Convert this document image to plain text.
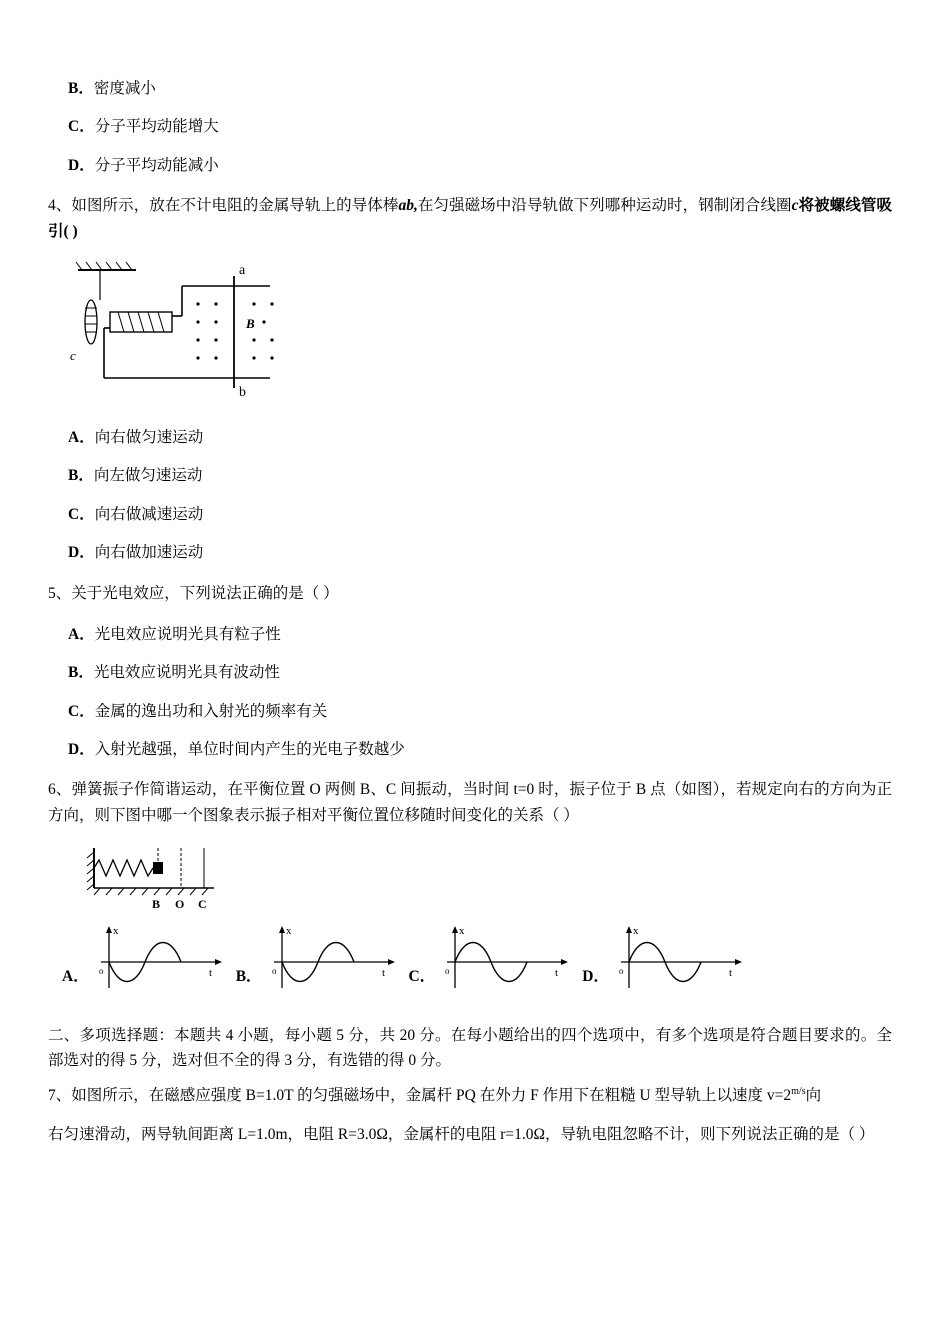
B．密度减小
C．分子平均动能增大
D．分子平均动能减小
4、如图所示，放在不计电阻的金属导轨上的导体棒ab,在匀强磁场中沿导轨做下列哪种运动时，钢制闭合线圈c将被螺线管吸引( )
c
a
b
B
A．向右做匀速运动
B．向左做匀速运动
C．向右做减速运动
D．向右做加速运动
5、关于光电效应，下列说法正确的是（ ）
A．光电效应说明光具有粒子性
B．光电效应说明光具有波动性
C．金属的逸出功和入射光的频率有关
D．入射光越强，单位时间内产生的光电子数越少
6、弹簧振子作简谐运动，在平衡位置 O 两侧 B、C 间振动，当时间 t=0 时，振子位于 B 点（如图），若规定向右的方向为正方向，则下图中哪一个图象表示振子相对平衡位置位移随时间变化的关系（ ）
B O C
A．
x
t
o	B．
x
t
o	C．
x
t
o	D．
x
t
o
二、多项选择题：本题共 4 小题，每小题 5 分，共 20 分。在每小题给出的四个选项中，有多个选项是符合题目要求的。全部选对的得 5 分，选对但不全的得 3 分，有选错的得 0 分。
7、如图所示，在磁感应强度 B=1.0T 的匀强磁场中，金属杆 PQ 在外力 F 作用下在粗糙 U 型导轨上以速度 $v=2^{m/s}$向
右匀速滑动，两导轨间距离 L=1.0m，电阻 R=3.0Ω，金属杆的电阻 r=1.0Ω，导轨电阻忽略不计，则下列说法正确的是（ ）
